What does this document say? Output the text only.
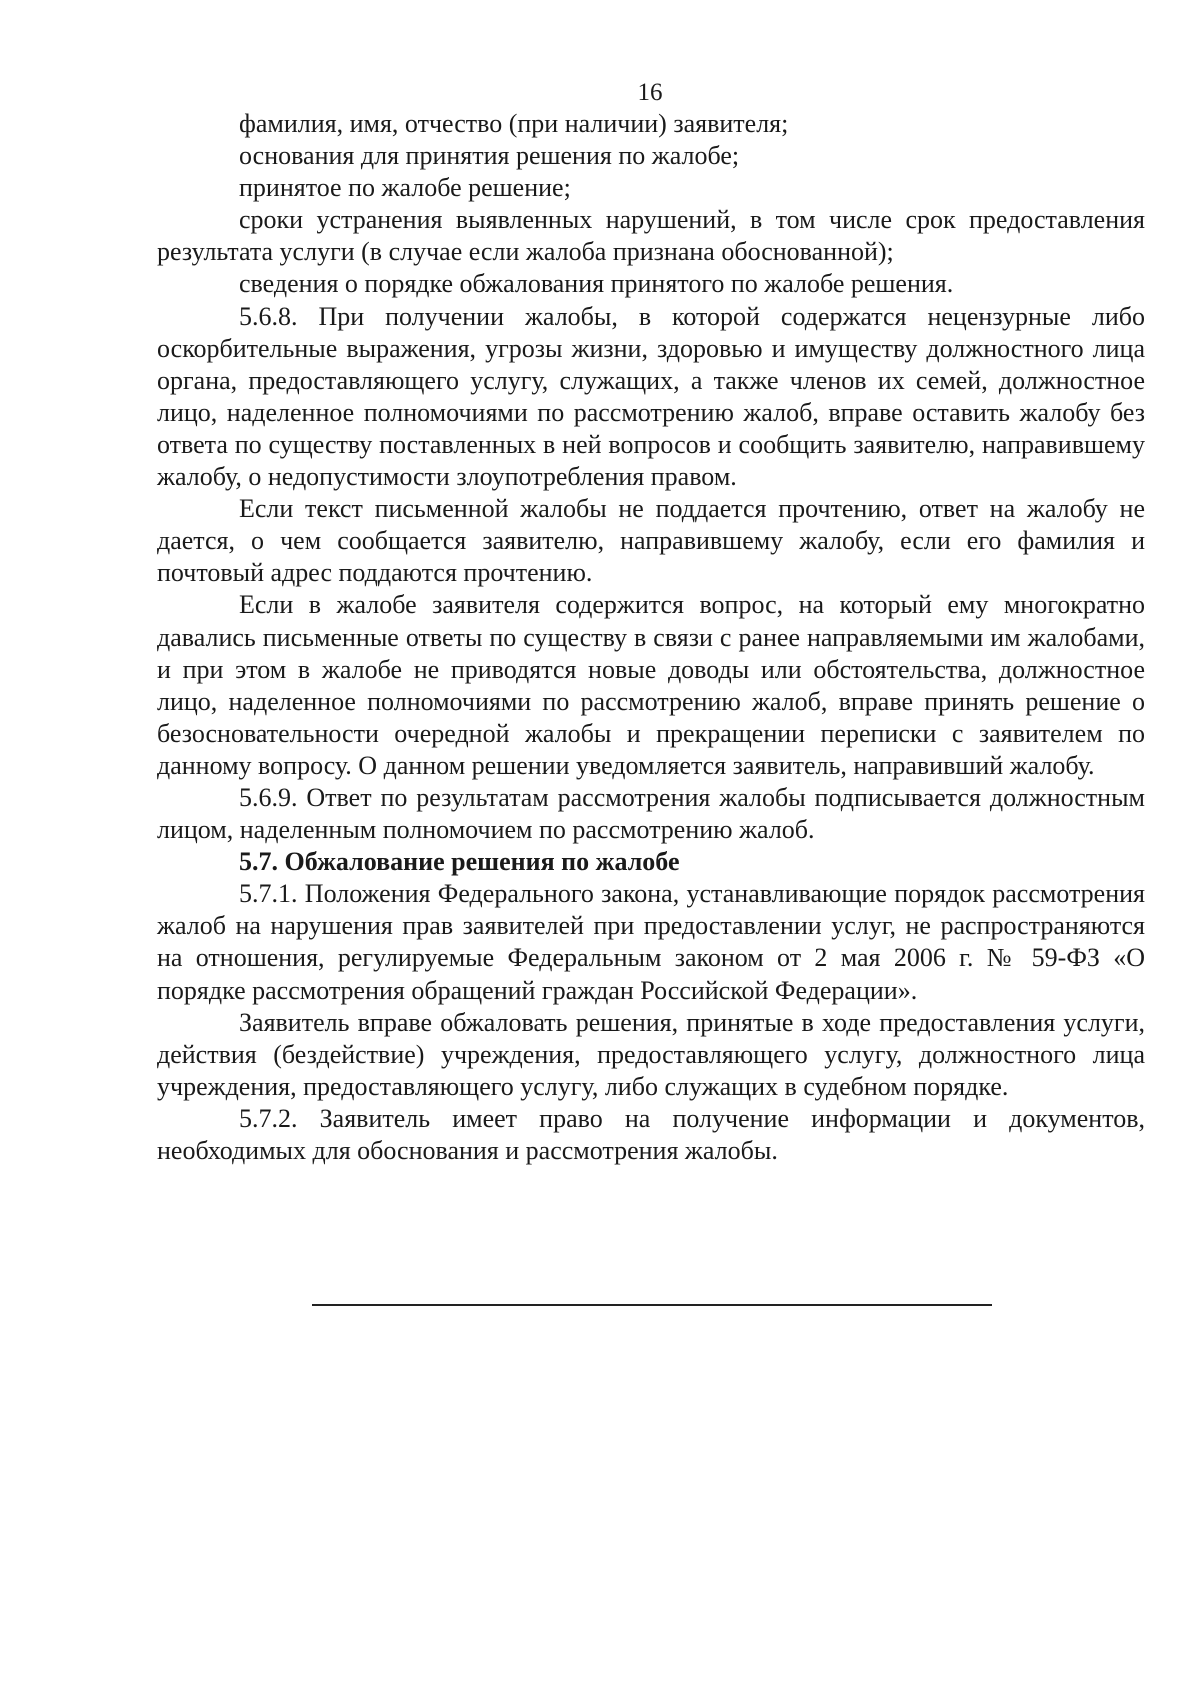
16

фамилия, имя, отчество (при наличии) заявителя;

основания для принятия решения по жалобе;

принятое по жалобе решение;

сроки устранения выявленных нарушений, в том числе срок предоставления результата услуги (в случае если жалоба признана обоснованной);

сведения о порядке обжалования принятого по жалобе решения.

5.6.8. При получении жалобы, в которой содержатся нецензурные либо оскорбительные выражения, угрозы жизни, здоровью и имуществу должностного лица органа, предоставляющего услугу, служащих, а также членов их семей, должностное лицо, наделенное полномочиями по рассмотрению жалоб, вправе оставить жалобу без ответа по существу поставленных в ней вопросов и сообщить заявителю, направившему жалобу, о недопустимости злоупотребления правом.

Если текст письменной жалобы не поддается прочтению, ответ на жалобу не дается, о чем сообщается заявителю, направившему жалобу, если его фамилия и почтовый адрес поддаются прочтению.

Если в жалобе заявителя содержится вопрос, на который ему многократно давались письменные ответы по существу в связи с ранее направляемыми им жалобами, и при этом в жалобе не приводятся новые доводы или обстоятельства, должностное лицо, наделенное полномочиями по рассмотрению жалоб, вправе принять решение о безосновательности очередной жалобы и прекращении переписки с заявителем по данному вопросу. О данном решении уведомляется заявитель, направивший жалобу.

5.6.9. Ответ по результатам рассмотрения жалобы подписывается должностным лицом, наделенным полномочием по рассмотрению жалоб.

5.7. Обжалование решения по жалобе

5.7.1. Положения Федерального закона, устанавливающие порядок рассмотрения жалоб на нарушения прав заявителей при предоставлении услуг, не распространяются на отношения, регулируемые Федеральным законом от 2 мая 2006 г. № 59-ФЗ «О порядке рассмотрения обращений граждан Российской Федерации».

Заявитель вправе обжаловать решения, принятые в ходе предоставления услуги, действия (бездействие) учреждения, предоставляющего услугу, должностного лица учреждения, предоставляющего услугу, либо служащих в судебном порядке.

5.7.2. Заявитель имеет право на получение информации и документов, необходимых для обоснования и рассмотрения жалобы.
